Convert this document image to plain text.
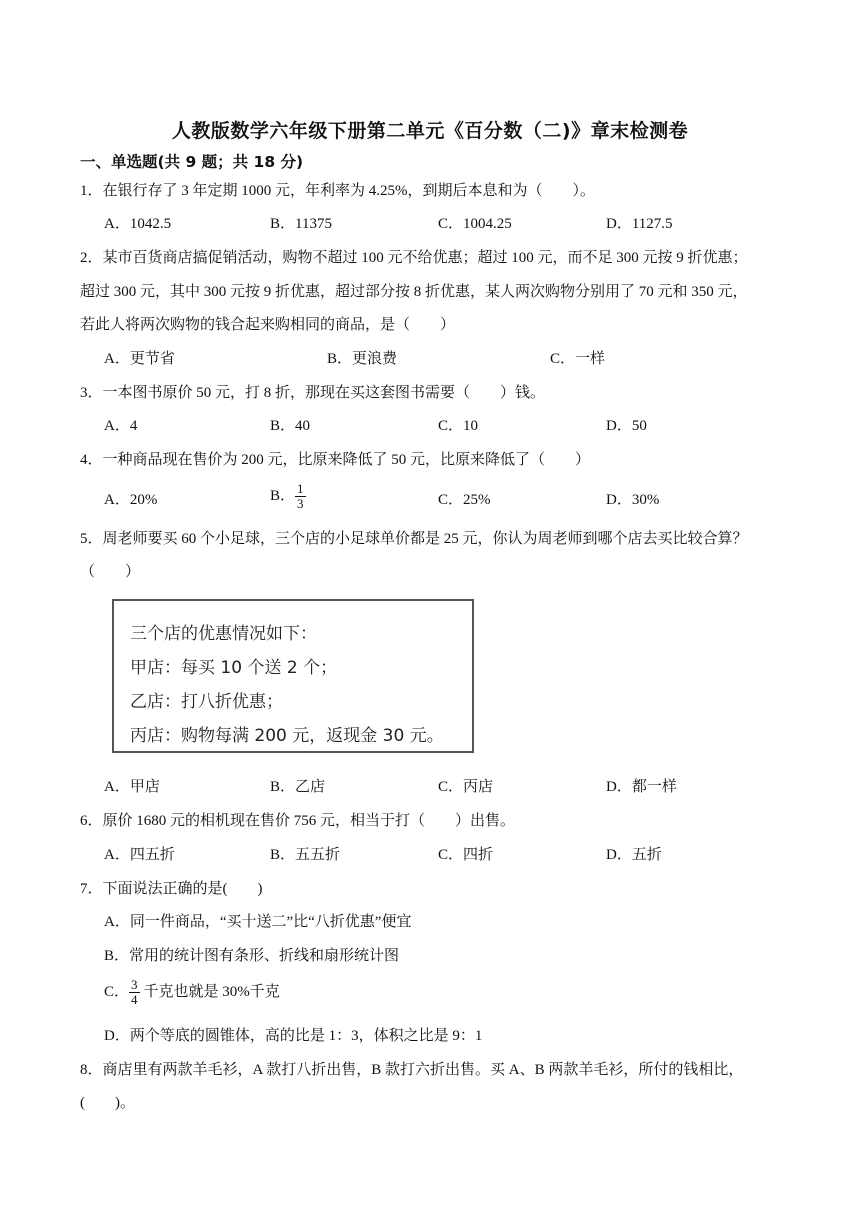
人教版数学六年级下册第二单元《百分数（二)》章末检测卷
一、单选题(共 9 题；共 18 分)
1．在银行存了 3 年定期 1000 元，年利率为 4.25%，到期后本息和为（　　）。
A．1042.5	B．11375	C．1004.25	D．1127.5
2．某市百货商店搞促销活动，购物不超过 100 元不给优惠；超过 100 元，而不足 300 元按 9 折优惠；
超过 300 元，其中 300 元按 9 折优惠，超过部分按 8 折优惠，某人两次购物分别用了 70 元和 350 元，
若此人将两次购物的钱合起来购相同的商品，是（　　）
A．更节省	B．更浪费	C．一样
3．一本图书原价 50 元，打 8 折，那现在买这套图书需要（　　）钱。
A．4	B．40	C．10	D．50
4．一种商品现在售价为 200 元，比原来降低了 50 元，比原来降低了（　　）
A．20%	B． $\frac{1}{3}$	C．25%	D．30%
5．周老师要买 60 个小足球，三个店的小足球单价都是 25 元，你认为周老师到哪个店去买比较合算？
（　　）
三个店的优惠情况如下：
甲店：每买 10 个送 2 个；
乙店：打八折优惠；
丙店：购物每满 200 元，返现金 30 元。
A．甲店	B．乙店	C．丙店	D．都一样
6．原价 1680 元的相机现在售价 756 元，相当于打（　　）出售。
A．四五折	B．五五折	C．四折	D．五折
7．下面说法正确的是(　　)
A．同一件商品，“买十送二”比“八折优惠”便宜
B．常用的统计图有条形、折线和扇形统计图
C． $\frac{3}{4}$ 千克也就是 30%千克
D．两个等底的圆锥体，高的比是 1：3，体积之比是 9：1
8．商店里有两款羊毛衫，A 款打八折出售，B 款打六折出售。买 A、B 两款羊毛衫，所付的钱相比，
(　　)。
